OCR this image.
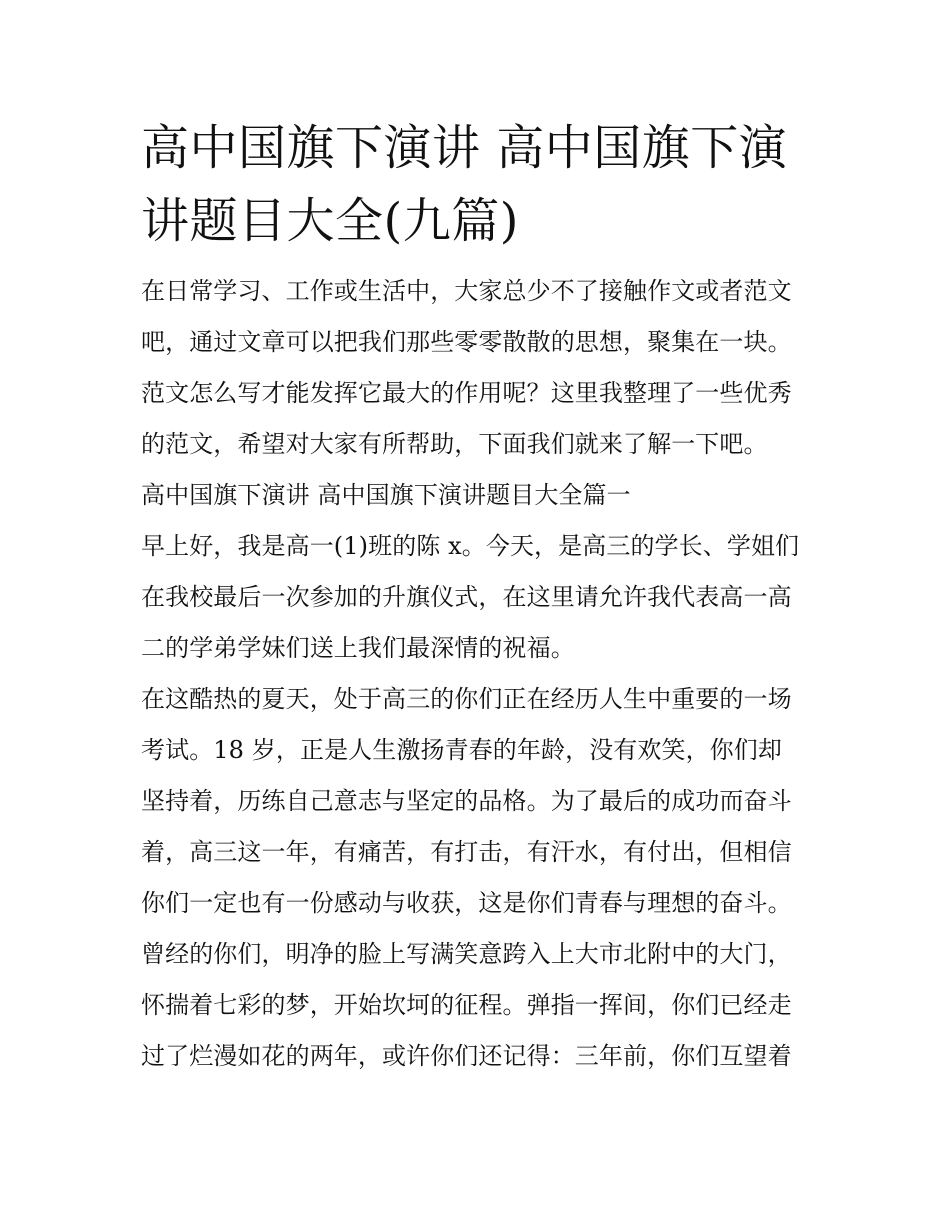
高中国旗下演讲 高中国旗下演
讲题目大全(九篇)
在日常学习、工作或生活中，大家总少不了接触作文或者范文
吧，通过文章可以把我们那些零零散散的思想，聚集在一块。
范文怎么写才能发挥它最大的作用呢？这里我整理了一些优秀
的范文，希望对大家有所帮助，下面我们就来了解一下吧。
高中国旗下演讲 高中国旗下演讲题目大全篇一
早上好，我是高一(1)班的陈 x。今天，是高三的学长、学姐们
在我校最后一次参加的升旗仪式，在这里请允许我代表高一高
二的学弟学妹们送上我们最深情的祝福。
在这酷热的夏天，处于高三的你们正在经历人生中重要的一场
考试。18 岁，正是人生激扬青春的年龄，没有欢笑，你们却
坚持着，历练自己意志与坚定的品格。为了最后的成功而奋斗
着，高三这一年，有痛苦，有打击，有汗水，有付出，但相信
你们一定也有一份感动与收获，这是你们青春与理想的奋斗。
曾经的你们，明净的脸上写满笑意跨入上大市北附中的大门，
怀揣着七彩的梦，开始坎坷的征程。弹指一挥间，你们已经走
过了烂漫如花的两年，或许你们还记得：三年前，你们互望着
